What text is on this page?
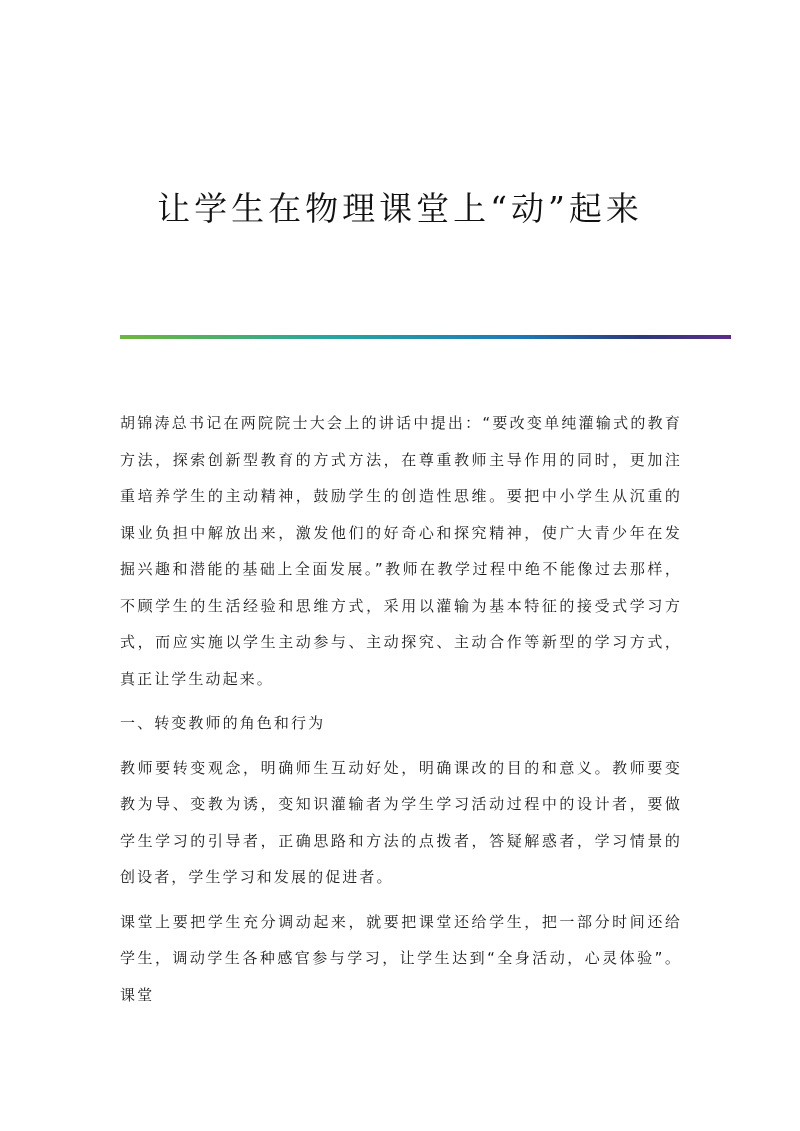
让学生在物理课堂上“动”起来

胡锦涛总书记在两院院士大会上的讲话中提出：“要改变单纯灌输式的教育方法，探索创新型教育的方式方法，在尊重教师主导作用的同时，更加注重培养学生的主动精神，鼓励学生的创造性思维。要把中小学生从沉重的课业负担中解放出来，激发他们的好奇心和探究精神，使广大青少年在发掘兴趣和潜能的基础上全面发展。”教师在教学过程中绝不能像过去那样，不顾学生的生活经验和思维方式，采用以灌输为基本特征的接受式学习方式，而应实施以学生主动参与、主动探究、主动合作等新型的学习方式，真正让学生动起来。

一、转变教师的角色和行为

教师要转变观念，明确师生互动好处，明确课改的目的和意义。教师要变教为导、变教为诱，变知识灌输者为学生学习活动过程中的设计者，要做学生学习的引导者，正确思路和方法的点拨者，答疑解惑者，学习情景的创设者，学生学习和发展的促进者。

课堂上要把学生充分调动起来，就要把课堂还给学生，把一部分时间还给学生，调动学生各种感官参与学习，让学生达到“全身活动，心灵体验”。课堂
